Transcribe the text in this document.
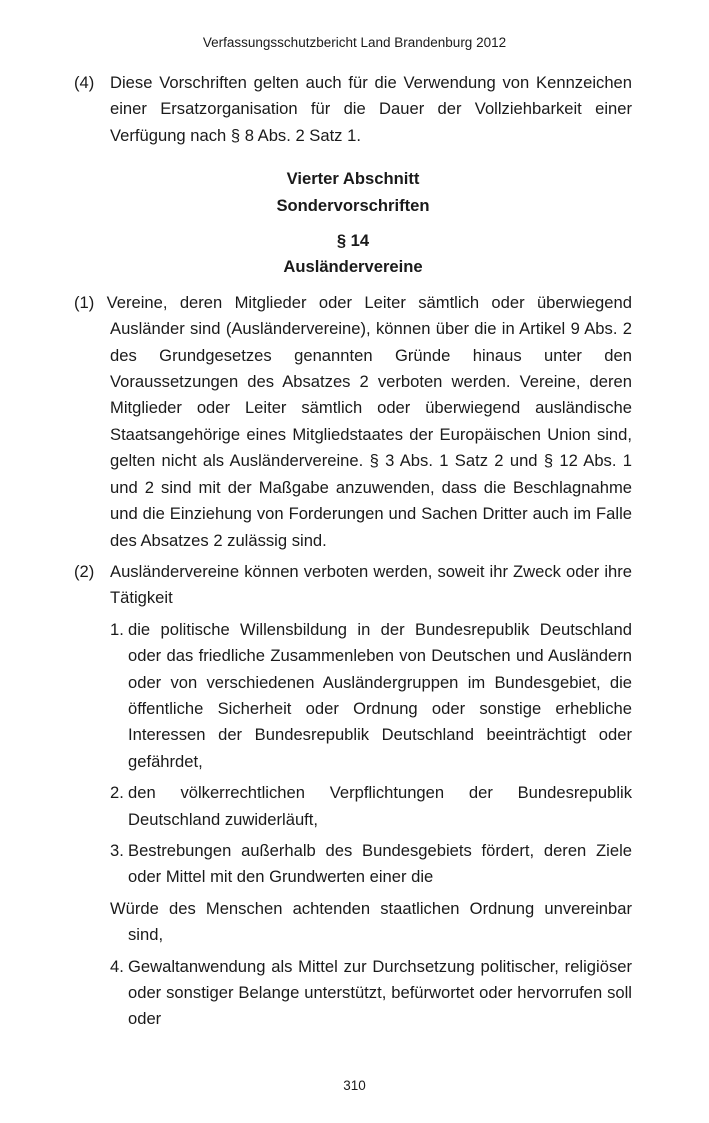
Verfassungsschutzbericht Land Brandenburg 2012
(4) Diese Vorschriften gelten auch für die Verwendung von Kennzeichen einer Ersatzorganisation für die Dauer der Vollziehbarkeit einer Verfügung nach § 8 Abs. 2 Satz 1.
Vierter Abschnitt
Sondervorschriften
§ 14
Ausländervereine
(1) Vereine, deren Mitglieder oder Leiter sämtlich oder überwiegend Ausländer sind (Ausländervereine), können über die in Artikel 9 Abs. 2 des Grundgesetzes genannten Gründe hinaus unter den Voraussetzungen des Absatzes 2 verboten werden. Vereine, deren Mitglieder oder Leiter sämtlich oder überwiegend ausländische Staatsangehörige eines Mitgliedstaates der Europäischen Union sind, gelten nicht als Ausländervereine. § 3 Abs. 1 Satz 2 und § 12 Abs. 1 und 2 sind mit der Maßgabe anzuwenden, dass die Beschlagnahme und die Einziehung von Forderungen und Sachen Dritter auch im Falle des Absatzes 2 zulässig sind.
(2) Ausländervereine können verboten werden, soweit ihr Zweck oder ihre Tätigkeit
1. die politische Willensbildung in der Bundesrepublik Deutschland oder das friedliche Zusammenleben von Deutschen und Ausländern oder von verschiedenen Ausländergruppen im Bundesgebiet, die öffentliche Sicherheit oder Ordnung oder sonstige erhebliche Interessen der Bundesrepublik Deutschland beeinträchtigt oder gefährdet,
2. den völkerrechtlichen Verpflichtungen der Bundesrepublik Deutschland zuwiderläuft,
3. Bestrebungen außerhalb des Bundesgebiets fördert, deren Ziele oder Mittel mit den Grundwerten einer die
Würde des Menschen achtenden staatlichen Ordnung unvereinbar sind,
4. Gewaltanwendung als Mittel zur Durchsetzung politischer, religiöser oder sonstiger Belange unterstützt, befürwortet oder hervorrufen soll oder
310
